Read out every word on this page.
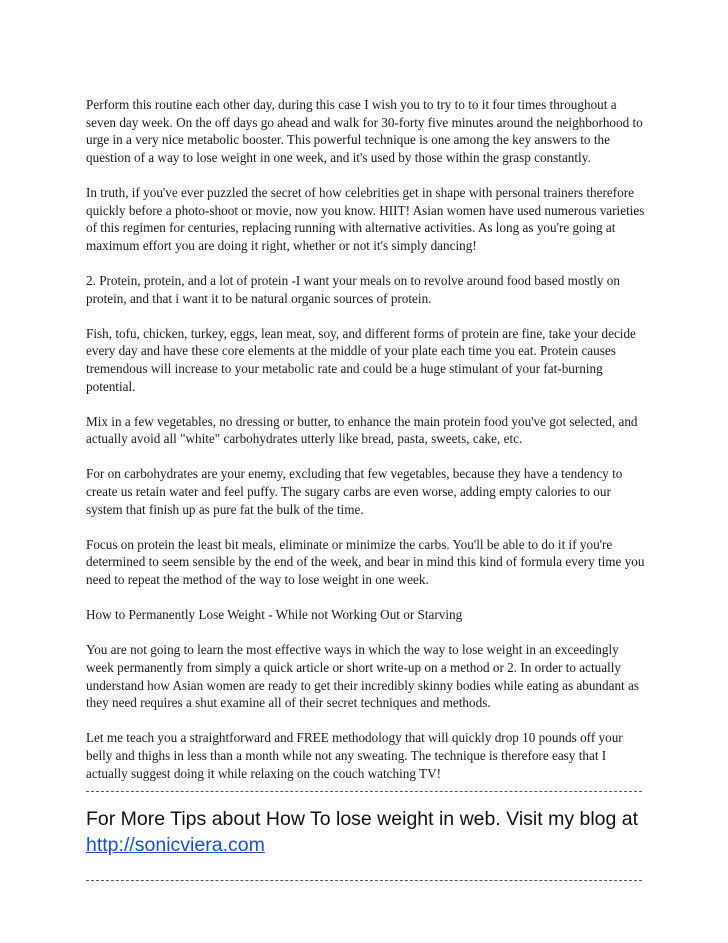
Perform this routine each other day, during this case I wish you to try to to it four times throughout a seven day week. On the off days go ahead and walk for 30-forty five minutes around the neighborhood to urge in a very nice metabolic booster. This powerful technique is one among the key answers to the question of a way to lose weight in one week, and it's used by those within the grasp constantly.

In truth, if you've ever puzzled the secret of how celebrities get in shape with personal trainers therefore quickly before a photo-shoot or movie, now you know. HIIT! Asian women have used numerous varieties of this regimen for centuries, replacing running with alternative activities. As long as you're going at maximum effort you are doing it right, whether or not it's simply dancing!

2. Protein, protein, and a lot of protein -I want your meals on to revolve around food based mostly on protein, and that i want it to be natural organic sources of protein.

Fish, tofu, chicken, turkey, eggs, lean meat, soy, and different forms of protein are fine, take your decide every day and have these core elements at the middle of your plate each time you eat. Protein causes tremendous will increase to your metabolic rate and could be a huge stimulant of your fat-burning potential.

Mix in a few vegetables, no dressing or butter, to enhance the main protein food you've got selected, and actually avoid all "white" carbohydrates utterly like bread, pasta, sweets, cake, etc.

For on carbohydrates are your enemy, excluding that few vegetables, because they have a tendency to create us retain water and feel puffy. The sugary carbs are even worse, adding empty calories to our system that finish up as pure fat the bulk of the time.

Focus on protein the least bit meals, eliminate or minimize the carbs. You'll be able to do it if you're determined to seem sensible by the end of the week, and bear in mind this kind of formula every time you need to repeat the method of the way to lose weight in one week.

How to Permanently Lose Weight - While not Working Out or Starving

You are not going to learn the most effective ways in which the way to lose weight in an exceedingly week permanently from simply a quick article or short write-up on a method or 2. In order to actually understand how Asian women are ready to get their incredibly skinny bodies while eating as abundant as they need requires a shut examine all of their secret techniques and methods.

Let me teach you a straightforward and FREE methodology that will quickly drop 10 pounds off your belly and thighs in less than a month while not any sweating. The technique is therefore easy that I actually suggest doing it while relaxing on the couch watching TV!

For More Tips about How To lose weight in web. Visit my blog at
http://sonicviera.com
